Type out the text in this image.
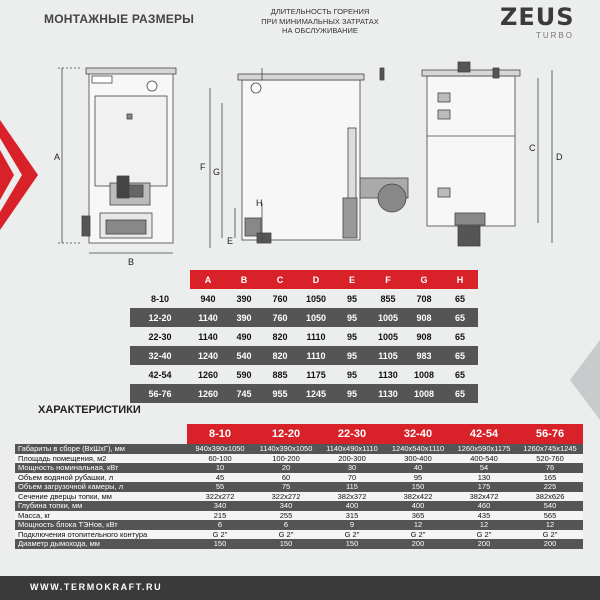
МОНТАЖНЫЕ РАЗМЕРЫ
ДЛИТЕЛЬНОСТЬ ГОРЕНИЯ
ПРИ МИНИМАЛЬНЫХ ЗАТРАТАХ
НА ОБСЛУЖИВАНИЕ	ZEUS
TURBO
A
B
C
D
E
F G
H
	A	B	C	D	E	F	G	H
8-10	940	390	760	1050	95	855	708	65
12-20	1140	390	760	1050	95	1005	908	65
22-30	1140	490	820	1110	95	1005	908	65
32-40	1240	540	820	1110	95	1105	983	65
42-54	1260	590	885	1175	95	1130	1008	65
56-76	1260	745	955	1245	95	1130	1008	65
ХАРАКТЕРИСТИКИ
	8-10	12-20	22-30	32-40	42-54	56-76
Габариты в сборе (ВхШхГ), мм	940x390x1050	1140x390x1050	1140x490x1110	1240x540x1110	1260x590x1175	1260x745x1245
Площадь помещения, м2	60-100	100-200	200-300	300-400	400-540	520-760
Мощность номинальная, кВт	10	20	30	40	54	76
Объем водяной рубашки, л	45	60	70	95	130	165
Объем загрузочной камеры, л	55	75	115	150	175	225
Сечение дверцы топки, мм	322x272	322x272	382x372	382x422	382x472	382x626
Глубина топки, мм	340	340	400	400	460	540
Масса, кг	215	255	315	365	435	565
Мощность блока ТЭНов, кВт	6	6	9	12	12	12
Подключения отопительного контура	G 2"	G 2"	G 2"	G 2"	G 2"	G 2"
Диаметр дымохода, мм	150	150	150	200	200	200
WWW.TERMOKRAFT.RU
